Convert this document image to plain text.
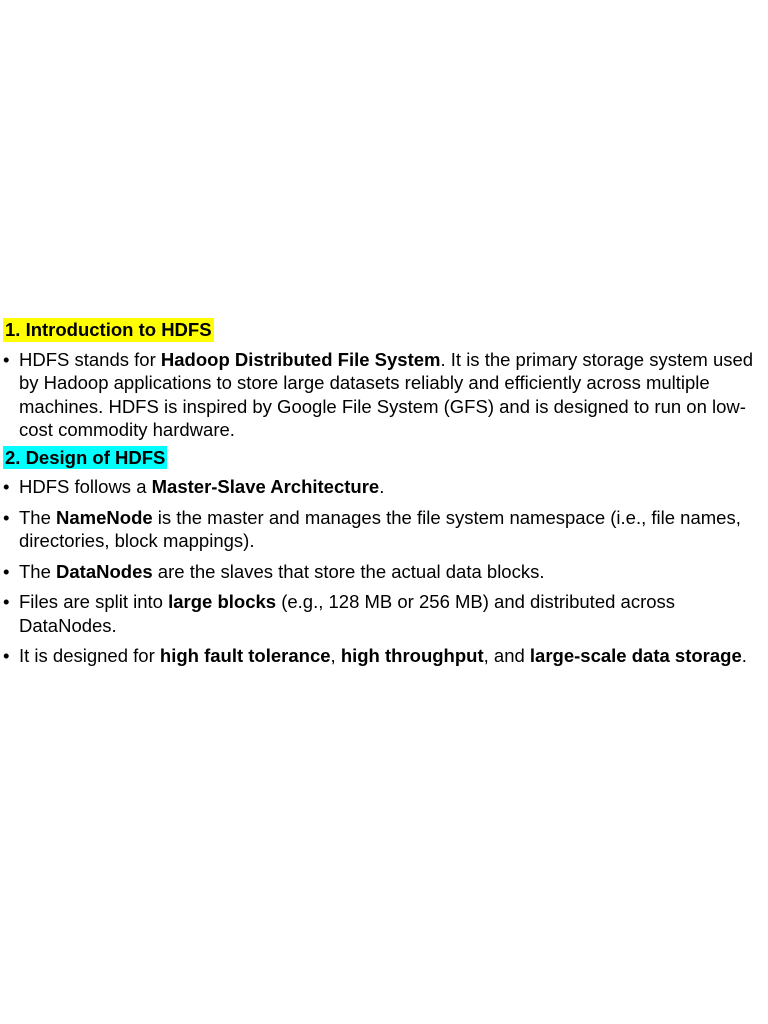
1. Introduction to HDFS
• HDFS stands for Hadoop Distributed File System. It is the primary storage system used by Hadoop applications to store large datasets reliably and efficiently across multiple machines. HDFS is inspired by Google File System (GFS) and is designed to run on low-cost commodity hardware.
2. Design of HDFS
• HDFS follows a Master-Slave Architecture.
• The NameNode is the master and manages the file system namespace (i.e., file names, directories, block mappings).
• The DataNodes are the slaves that store the actual data blocks.
• Files are split into large blocks (e.g., 128 MB or 256 MB) and distributed across DataNodes.
• It is designed for high fault tolerance, high throughput, and large-scale data storage.
